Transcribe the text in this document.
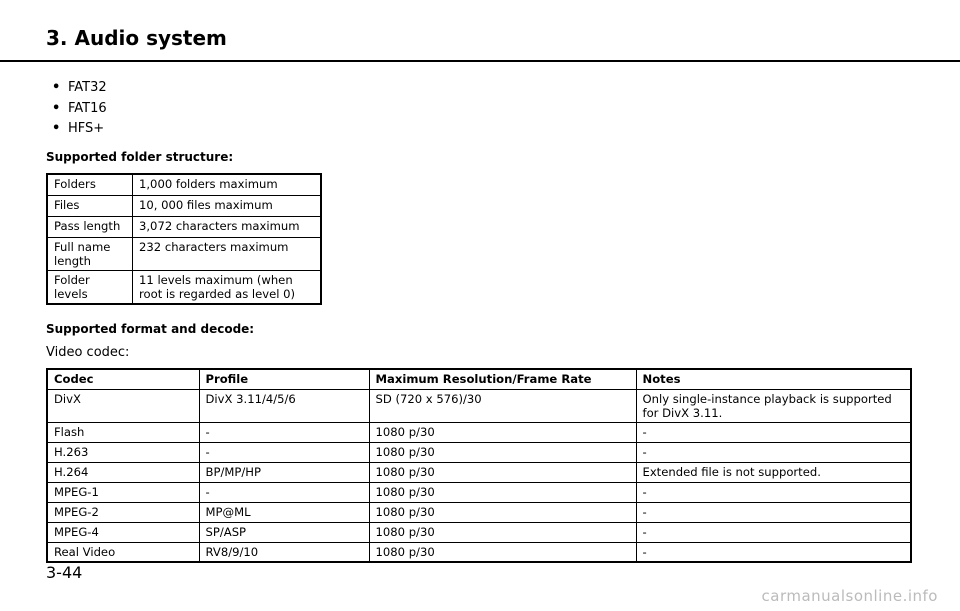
3. Audio system
• FAT32
• FAT16
• HFS+

Supported folder structure:

Folders	1,000 folders maximum
Files	10, 000 files maximum
Pass length	3,072 characters maximum
Full name length	232 characters maximum
Folder levels	11 levels maximum (when root is regarded as level 0)

Supported format and decode:

Video codec:

Codec	Profile	Maximum Resolution/Frame Rate	Notes
DivX	DivX 3.11/4/5/6	SD (720 x 576)/30	Only single-instance playback is supported for DivX 3.11.
Flash	-	1080 p/30	-
H.263	-	1080 p/30	-
H.264	BP/MP/HP	1080 p/30	Extended file is not supported.
MPEG-1	-	1080 p/30	-
MPEG-2	MP@ML	1080 p/30	-
MPEG-4	SP/ASP	1080 p/30	-
Real Video	RV8/9/10	1080 p/30	-

3-44

carmanualsonline.info
